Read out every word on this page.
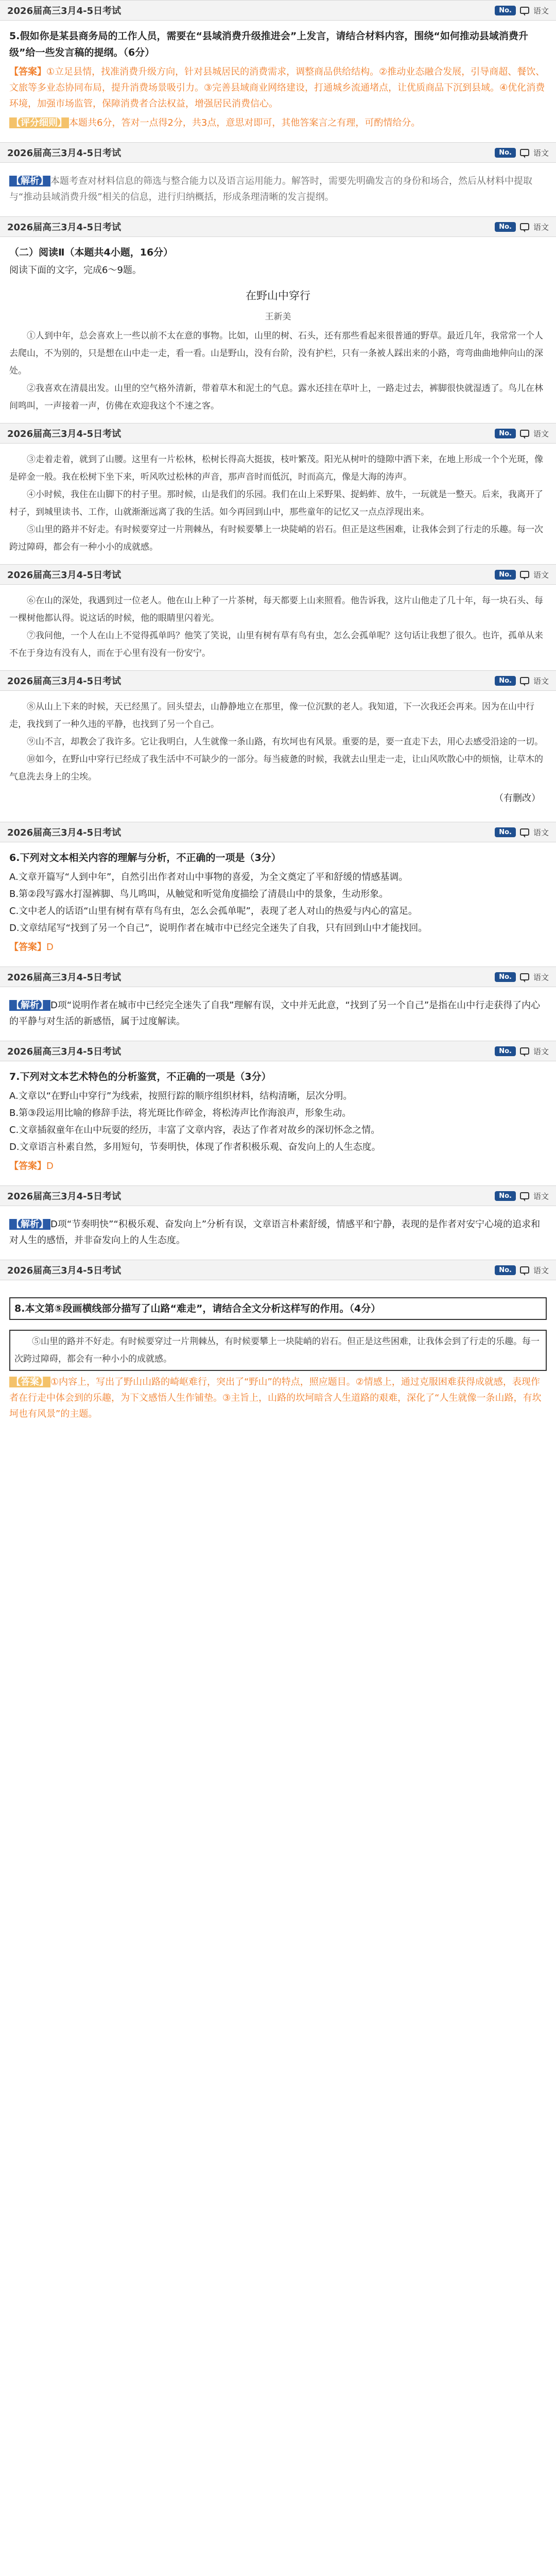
2026届高三3月4-5日考试	No.	语文

5.假如你是某县商务局的工作人员，需要在“县域消费升级推进会”上发言，请结合材料内容，围绕“如何推动县域消费升级”给一些发言稿的提纲。（6分）

【答案】①立足县情，找准消费升级方向，针对县城居民的消费需求，调整商品供给结构。②推动业态融合发展，引导商超、餐饮、文旅等多业态协同布局，提升消费场景吸引力。③完善县域商业网络建设，打通城乡流通堵点，让优质商品下沉到县域。④优化消费环境，加强市场监管，保障消费者合法权益，增强居民消费信心。

【评分细则】 本题共6分，答对一点得2分，共3点，意思对即可，其他答案言之有理，可酌情给分。

2026届高三3月4-5日考试	No.	语文

【解析】 本题考查对材料信息的筛选与整合能力以及语言运用能力。解答时，需要先明确发言的身份和场合，然后从材料中提取与“推动县域消费升级”相关的信息，进行归纳概括，形成条理清晰的发言提纲。

2026届高三3月4-5日考试	No.	语文
（二）阅读Ⅱ（本题共4小题，16分）

阅读下面的文字，完成6～9题。

在野山中穿行
王新美

①人到中年，总会喜欢上一些以前不太在意的事物。比如，山里的树、石头，还有那些看起来很普通的野草。最近几年，我常常一个人去爬山，不为别的，只是想在山中走一走，看一看。山是野山，没有台阶，没有护栏，只有一条被人踩出来的小路，弯弯曲曲地伸向山的深处。

②我喜欢在清晨出发。山里的空气格外清新，带着草木和泥土的气息。露水还挂在草叶上，一路走过去，裤脚很快就湿透了。鸟儿在林间鸣叫，一声接着一声，仿佛在欢迎我这个不速之客。

2026届高三3月4-5日考试	No.	语文

③走着走着，就到了山腰。这里有一片松林，松树长得高大挺拔，枝叶繁茂。阳光从树叶的缝隙中洒下来，在地上形成一个个光斑，像是碎金一般。我在松树下坐下来，听风吹过松林的声音，那声音时而低沉，时而高亢，像是大海的涛声。

④小时候，我住在山脚下的村子里。那时候，山是我们的乐园。我们在山上采野果、捉蚂蚱、放牛，一玩就是一整天。后来，我离开了村子，到城里读书、工作，山就渐渐远离了我的生活。如今再回到山中，那些童年的记忆又一点点浮现出来。

⑤山里的路并不好走。有时候要穿过一片荆棘丛，有时候要攀上一块陡峭的岩石。但正是这些困难，让我体会到了行走的乐趣。每一次跨过障碍，都会有一种小小的成就感。

2026届高三3月4-5日考试	No.	语文

⑥在山的深处，我遇到过一位老人。他在山上种了一片茶树，每天都要上山来照看。他告诉我，这片山他走了几十年，每一块石头、每一棵树他都认得。说这话的时候，他的眼睛里闪着光。

⑦我问他，一个人在山上不觉得孤单吗？他笑了笑说，山里有树有草有鸟有虫，怎么会孤单呢？这句话让我想了很久。也许，孤单从来不在于身边有没有人，而在于心里有没有一份安宁。

2026届高三3月4-5日考试	No.	语文

⑧从山上下来的时候，天已经黑了。回头望去，山静静地立在那里，像一位沉默的老人。我知道，下一次我还会再来。因为在山中行走，我找到了一种久违的平静，也找到了另一个自己。

⑨山不言，却教会了我许多。它让我明白，人生就像一条山路，有坎坷也有风景。重要的是，要一直走下去，用心去感受沿途的一切。

⑩如今，在野山中穿行已经成了我生活中不可缺少的一部分。每当疲惫的时候，我就去山里走一走，让山风吹散心中的烦恼，让草木的气息洗去身上的尘埃。

（有删改）
2026届高三3月4-5日考试	No.	语文

6.下列对文本相关内容的理解与分析，不正确的一项是（3分）

A.文章开篇写“人到中年”，自然引出作者对山中事物的喜爱，为全文奠定了平和舒缓的情感基调。

B.第②段写露水打湿裤脚、鸟儿鸣叫，从触觉和听觉角度描绘了清晨山中的景象，生动形象。

C.文中老人的话语“山里有树有草有鸟有虫，怎么会孤单呢”，表现了老人对山的热爱与内心的富足。

D.文章结尾写“找到了另一个自己”，说明作者在城市中已经完全迷失了自我，只有回到山中才能找回。

【答案】D

2026届高三3月4-5日考试	No.	语文

【解析】 D项“说明作者在城市中已经完全迷失了自我”理解有误，文中并无此意，“找到了另一个自己”是指在山中行走获得了内心的平静与对生活的新感悟，属于过度解读。

2026届高三3月4-5日考试	No.	语文

7.下列对文本艺术特色的分析鉴赏，不正确的一项是（3分）

A.文章以“在野山中穿行”为线索，按照行踪的顺序组织材料，结构清晰，层次分明。

B.第③段运用比喻的修辞手法，将光斑比作碎金，将松涛声比作海浪声，形象生动。

C.文章插叙童年在山中玩耍的经历，丰富了文章内容，表达了作者对故乡的深切怀念之情。

D.文章语言朴素自然，多用短句，节奏明快，体现了作者积极乐观、奋发向上的人生态度。

【答案】D

2026届高三3月4-5日考试	No.	语文

【解析】 D项“节奏明快”“积极乐观、奋发向上”分析有误，文章语言朴素舒缓，情感平和宁静，表现的是作者对安宁心境的追求和对人生的感悟，并非奋发向上的人生态度。

2026届高三3月4-5日考试	No.	语文

8.本文第⑤段画横线部分描写了山路“难走”，请结合全文分析这样写的作用。（4分）

⑤山里的路并不好走。有时候要穿过一片荆棘丛，有时候要攀上一块陡峭的岩石。但正是这些困难，让我体会到了行走的乐趣。每一次跨过障碍，都会有一种小小的成就感。

【答案】 ①内容上，写出了野山山路的崎岖难行，突出了“野山”的特点，照应题目。②情感上，通过克服困难获得成就感，表现作者在行走中体会到的乐趣，为下文感悟人生作铺垫。③主旨上，山路的坎坷暗含人生道路的艰难，深化了“人生就像一条山路，有坎坷也有风景”的主题。
